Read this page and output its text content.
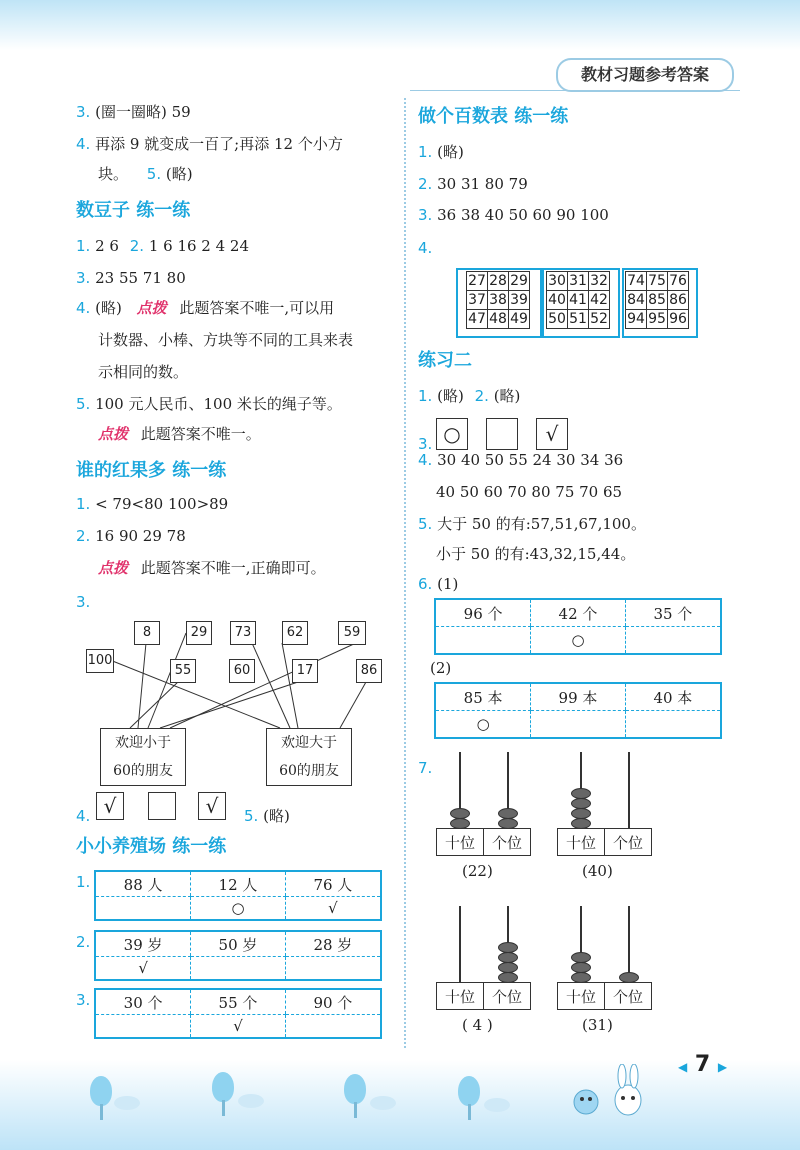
教材习题参考答案
3. (圈一圈略) 59
4. 再添 9 就变成一百了;再添 12 个小方
块。 5. (略)
数豆子 练一练
1. 2 6 2. 1 6 16 2 4 24
3. 23 55 71 80
4. (略) 点拨 此题答案不唯一,可以用
计数器、小棒、方块等不同的工具来表
示相同的数。
5. 100 元人民币、100 米长的绳子等。
点拨 此题答案不唯一。
谁的红果多 练一练
1. < 79<80 100>89
2. 16 90 29 78
点拨 此题答案不唯一,正确即可。
3.
8	29	73	62	59
100
55	60	17	86
欢迎小于
60的朋友
欢迎大于
60的朋友
4. √	√	5. (略)
小小养殖场 练一练
1. 88 人	12 人	76 人
	○	√
2. 39 岁	50 岁	28 岁
√		
3. 30 个	55 个	90 个
	√	
做个百数表 练一练
1. (略)
2. 30 31 80 79
3. 36 38 40 50 60 90 100
4.
27	28	29
37	38	39
47	48	49
30	31	32
40	41	42
50	51	52
74	75	76
84	85	86
94	95	96
练习二
1. (略) 2. (略)
3. ○	√
4. 30 40 50 55 24 30 34 36
40 50 60 70 80 75 70 65
5. 大于 50 的有:57,51,67,100。
小于 50 的有:43,32,15,44。
6. (1)
96 个	42 个	35 个
	○	
(2)
85 本	99 本	40 本
○		
7.
十位	个位
(22)
十位	个位
(40)
十位	个位
( 4 )
十位	个位
(31)
◀ 7 ▶
